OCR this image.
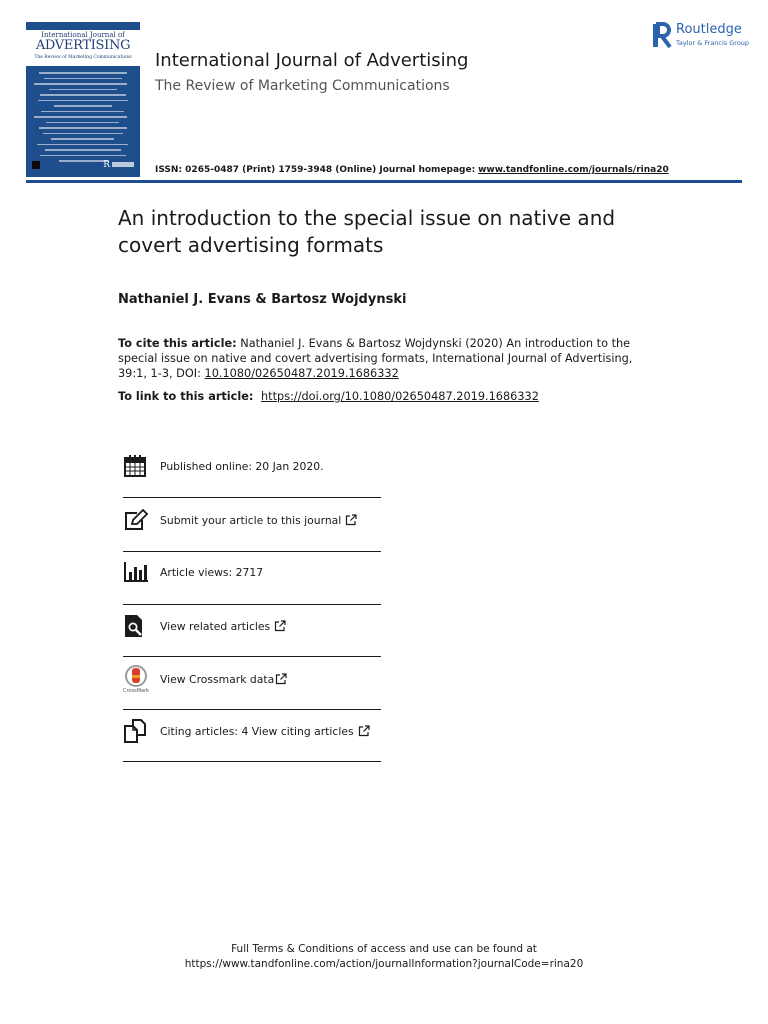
International Journal of
ADVERTISING
The Review of Marketing Communications
R
International Journal of Advertising
The Review of Marketing Communications
ISSN: 0265-0487 (Print) 1759-3948 (Online) Journal homepage: www.tandfonline.com/journals/rina20
Routledge
Taylor & Francis Group
An introduction to the special issue on native and covert advertising formats
Nathaniel J. Evans & Bartosz Wojdynski
To cite this article: Nathaniel J. Evans & Bartosz Wojdynski (2020) An introduction to the special issue on native and covert advertising formats, International Journal of Advertising, 39:1, 1-3, DOI: 10.1080/02650487.2019.1686332
To link to this article: https://doi.org/10.1080/02650487.2019.1686332
Published online: 20 Jan 2020.
Submit your article to this journal
Article views: 2717
View related articles
CrossMark
View Crossmark data
Citing articles: 4 View citing articles
Full Terms & Conditions of access and use can be found at
https://www.tandfonline.com/action/journalInformation?journalCode=rina20
